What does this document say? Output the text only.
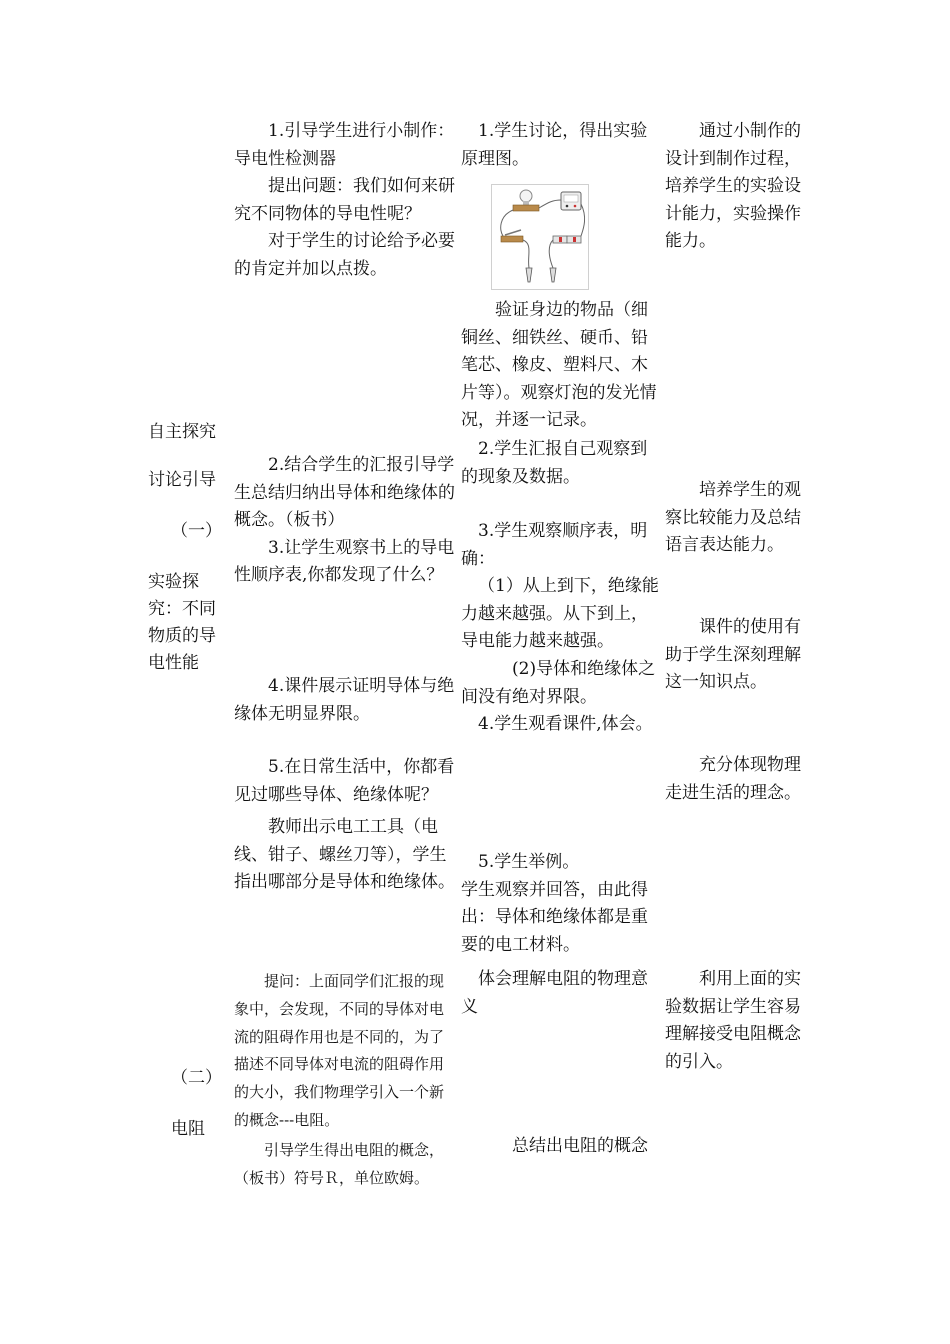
自主探究
讨论引导
（一）
实验探究：不同物质的导电性能
（二）
电阻

1.引导学生进行小制作：导电性检测器

提出问题：我们如何来研究不同物体的导电性呢？

对于学生的讨论给予必要的肯定并加以点拨。

2.结合学生的汇报引导学生总结归纳出导体和绝缘体的概念。（板书）

3.让学生观察书上的导电性顺序表,你都发现了什么？

4.课件展示证明导体与绝缘体无明显界限。

5.在日常生活中，你都看见过哪些导体、绝缘体呢？

教师出示电工工具（电线、钳子、螺丝刀等），学生指出哪部分是导体和绝缘体。

提问：上面同学们汇报的现象中，会发现，不同的导体对电流的阻碍作用也是不同的，为了描述不同导体对电流的阻碍作用的大小，我们物理学引入一个新的概念---电阻。

引导学生得出电阻的概念，（板书）符号Ｒ，单位欧姆。

1.学生讨论，得出实验原理图。

验证身边的物品（细铜丝、细铁丝、硬币、铅笔芯、橡皮、塑料尺、木片等）。观察灯泡的发光情况，并逐一记录。

2.学生汇报自己观察到的现象及数据。

3.学生观察顺序表，明确：

（1）从上到下，绝缘能力越来越强。从下到上，导电能力越来越强。

(2)导体和绝缘体之间没有绝对界限。

4.学生观看课件,体会。

5.学生举例。

学生观察并回答，由此得出：导体和绝缘体都是重要的电工材料。

体会理解电阻的物理意义

总结出电阻的概念

通过小制作的设计到制作过程，培养学生的实验设计能力，实验操作能力。

培养学生的观察比较能力及总结语言表达能力。

课件的使用有助于学生深刻理解这一知识点。

充分体现物理走进生活的理念。

利用上面的实验数据让学生容易理解接受电阻概念的引入。
